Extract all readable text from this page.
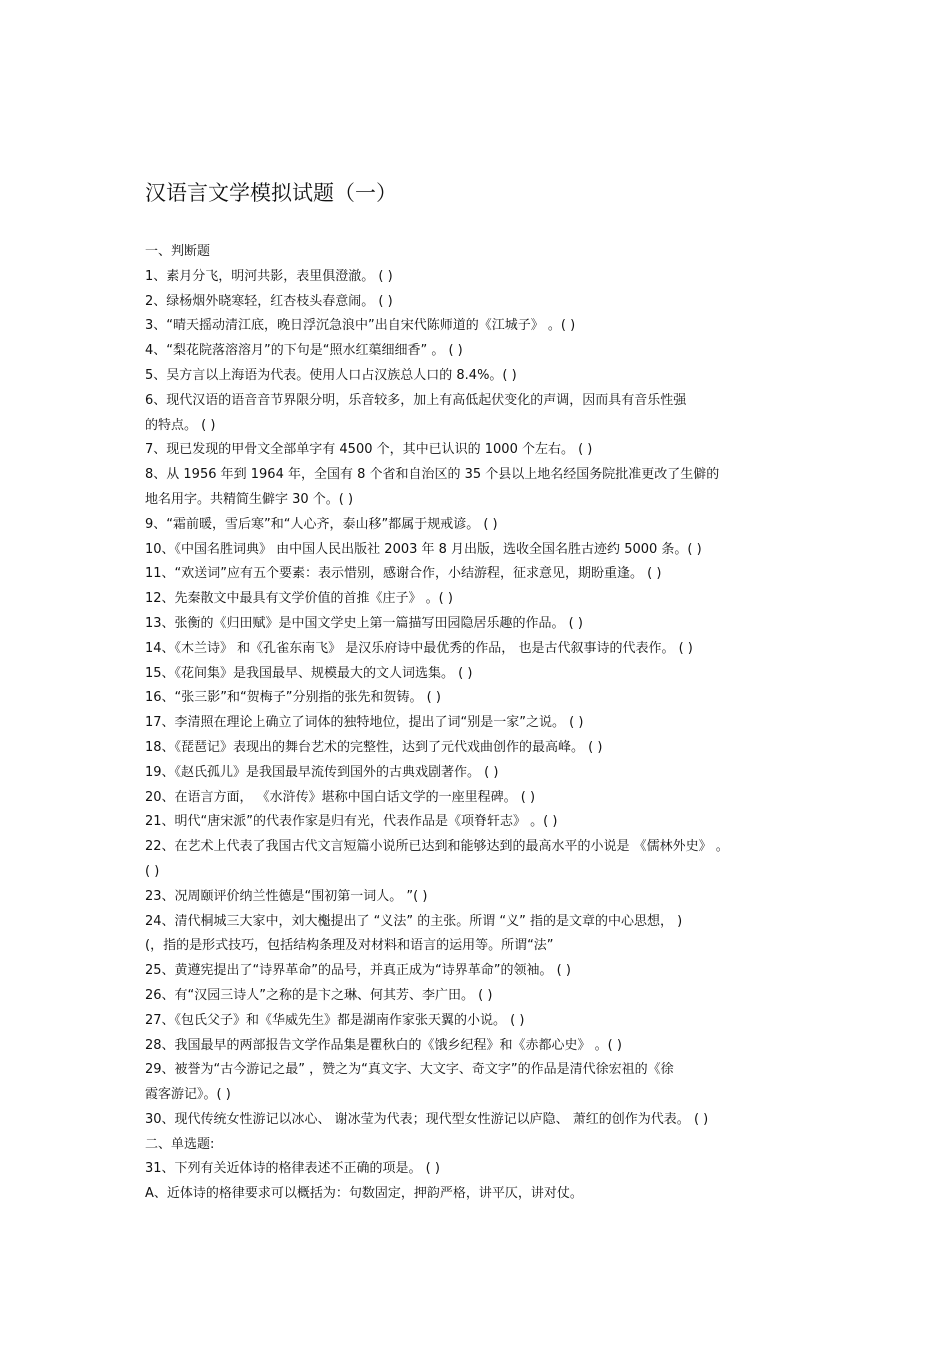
汉语言文学模拟试题（一）
一、判断题
1、素月分飞，明河共影，表里俱澄澈。 ( )
2、绿杨烟外晓寒轻，红杏枝头春意闹。 ( )
3、“晴天摇动清江底，晚日浮沉急浪中”出自宋代陈师道的《江城子》 。( )
4、“梨花院落溶溶月”的下句是“照水红蕖细细香” 。 ( )
5、吴方言以上海语为代表。使用人口占汉族总人口的 8.4%。( )
6、现代汉语的语音音节界限分明，乐音较多，加上有高低起伏变化的声调，因而具有音乐性强
的特点。 ( )
7、现已发现的甲骨文全部单字有 4500 个，其中已认识的 1000 个左右。 ( )
8、从 1956 年到 1964 年，全国有 8 个省和自治区的 35 个县以上地名经国务院批准更改了生僻的
地名用字。共精简生僻字 30 个。( )
9、“霜前暖，雪后寒”和“人心齐，泰山移”都属于规戒谚。 ( )
10、《中国名胜词典》 由中国人民出版社 2003 年 8 月出版，选收全国名胜古迹约 5000 条。( )
11、“欢送词”应有五个要素：表示惜别，感谢合作，小结游程，征求意见，期盼重逢。 ( )
12、先秦散文中最具有文学价值的首推《庄子》 。( )
13、张衡的《归田赋》是中国文学史上第一篇描写田园隐居乐趣的作品。 ( )
14、《木兰诗》 和《孔雀东南飞》 是汉乐府诗中最优秀的作品， 也是古代叙事诗的代表作。 ( )
15、《花间集》是我国最早、规模最大的文人词选集。 ( )
16、“张三影”和“贺梅子”分别指的张先和贺铸。 ( )
17、李清照在理论上确立了词体的独特地位，提出了词“别是一家”之说。 ( )
18、《琵琶记》表现出的舞台艺术的完整性，达到了元代戏曲创作的最高峰。 ( )
19、《赵氏孤儿》是我国最早流传到国外的古典戏剧著作。 ( )
20、在语言方面， 《水浒传》堪称中国白话文学的一座里程碑。 ( )
21、明代“唐宋派”的代表作家是归有光，代表作品是《项脊轩志》 。( )
22、在艺术上代表了我国古代文言短篇小说所已达到和能够达到的最高水平的小说是 《儒林外史》 。
( )
23、况周颐评价纳兰性德是“围初第一词人。 ”( )
24、清代桐城三大家中，刘大櫆提出了 “义法” 的主张。所谓 “义” 指的是文章的中心思想， )
(，指的是形式技巧，包括结构条理及对材料和语言的运用等。所谓“法”
25、黄遵宪提出了“诗界革命”的品号，并真正成为“诗界革命”的领袖。 ( )
26、有“汉园三诗人”之称的是卞之琳、何其芳、李广田。 ( )
27、《包氏父子》和《华威先生》都是湖南作家张天翼的小说。 ( )
28、我国最早的两部报告文学作品集是瞿秋白的《饿乡纪程》和《赤都心史》 。( )
29、被誉为“古今游记之最” ，赞之为“真文字、大文字、奇文字”的作品是清代徐宏祖的《徐
霞客游记》。( )
30、现代传统女性游记以冰心、 谢冰莹为代表；现代型女性游记以庐隐、 萧红的创作为代表。 ( )
二、单选题:
31、下列有关近体诗的格律表述不正确的项是。 ( )
A、近体诗的格律要求可以概括为：句数固定，押韵严格，讲平仄，讲对仗。
